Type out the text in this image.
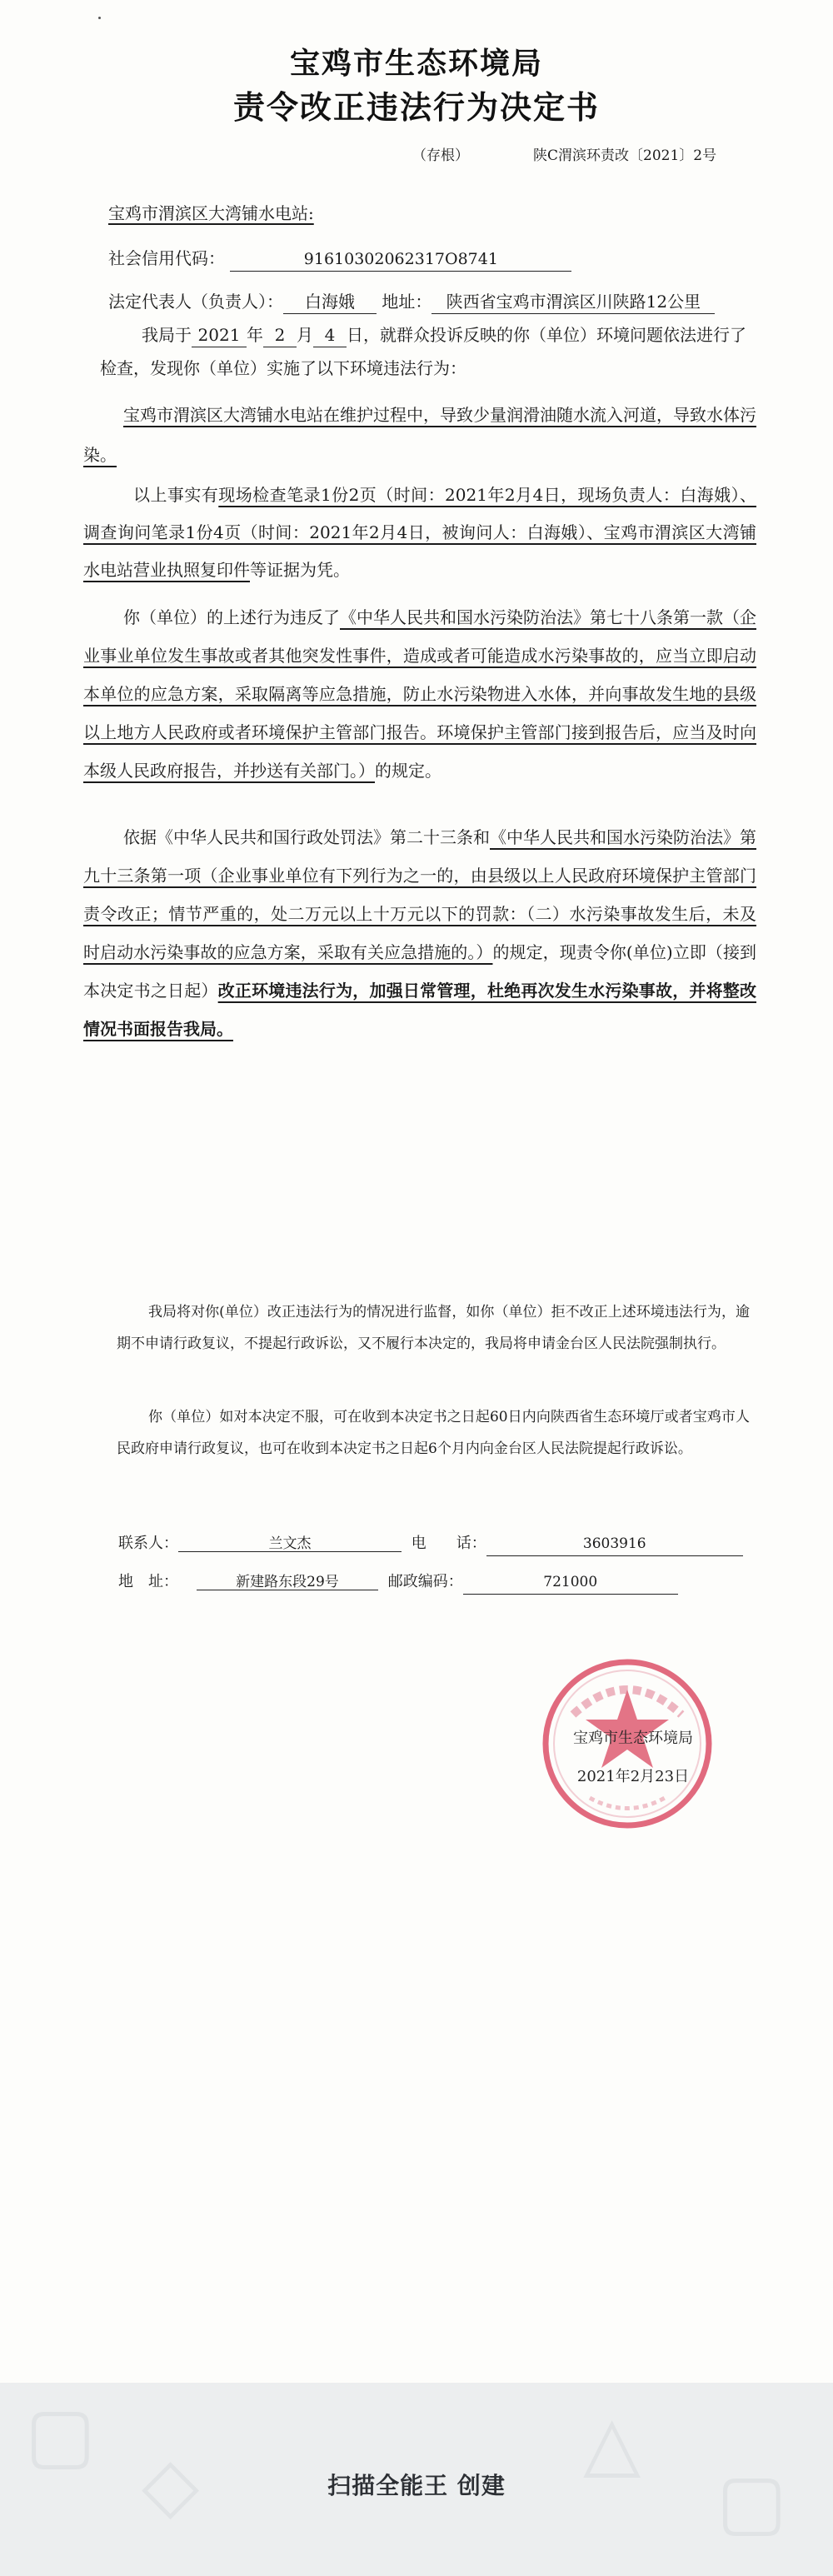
宝鸡市生态环境局
责令改正违法行为决定书
（存根）	陕C渭滨环责改〔2021〕2号
宝鸡市渭滨区大湾铺水电站:
社会信用代码：	91610302062317O8741
法定代表人（负责人）： 白海娥 地址： 陕西省宝鸡市渭滨区川陕路12公里
我局于 2021 年 2 月 4 日，就群众投诉反映的你（单位）环境问题依法进行了
检查，发现你（单位）实施了以下环境违法行为：
宝鸡市渭滨区大湾铺水电站在维护过程中，导致少量润滑油随水流入河道，导致水体污染。
以上事实有现场检查笔录1份2页（时间：2021年2月4日，现场负责人：白海娥）、调查询问笔录1份4页（时间：2021年2月4日，被询问人：白海娥）、宝鸡市渭滨区大湾铺水电站营业执照复印件等证据为凭。
你（单位）的上述行为违反了《中华人民共和国水污染防治法》第七十八条第一款（企业事业单位发生事故或者其他突发性事件，造成或者可能造成水污染事故的，应当立即启动本单位的应急方案，采取隔离等应急措施，防止水污染物进入水体，并向事故发生地的县级以上地方人民政府或者环境保护主管部门报告。环境保护主管部门接到报告后，应当及时向本级人民政府报告，并抄送有关部门。）的规定。
依据《中华人民共和国行政处罚法》第二十三条和《中华人民共和国水污染防治法》第九十三条第一项（企业事业单位有下列行为之一的，由县级以上人民政府环境保护主管部门责令改正；情节严重的，处二万元以上十万元以下的罚款：（二）水污染事故发生后，未及时启动水污染事故的应急方案，采取有关应急措施的。）的规定，现责令你(单位)立即（接到本决定书之日起）改正环境违法行为，加强日常管理，杜绝再次发生水污染事故，并将整改情况书面报告我局。
我局将对你(单位）改正违法行为的情况进行监督，如你（单位）拒不改正上述环境违法行为，逾期不申请行政复议，不提起行政诉讼，又不履行本决定的，我局将申请金台区人民法院强制执行。
你（单位）如对本决定不服，可在收到本决定书之日起60日内向陕西省生态环境厅或者宝鸡市人民政府申请行政复议，也可在收到本决定书之日起6个月内向金台区人民法院提起行政诉讼。
联系人：	兰文杰	电　　话：	3603916
地　址：	新建路东段29号	邮政编码：	721000
宝鸡市生态环境局
2021年2月23日
▢
◇	△
▢
扫描全能王 创建
